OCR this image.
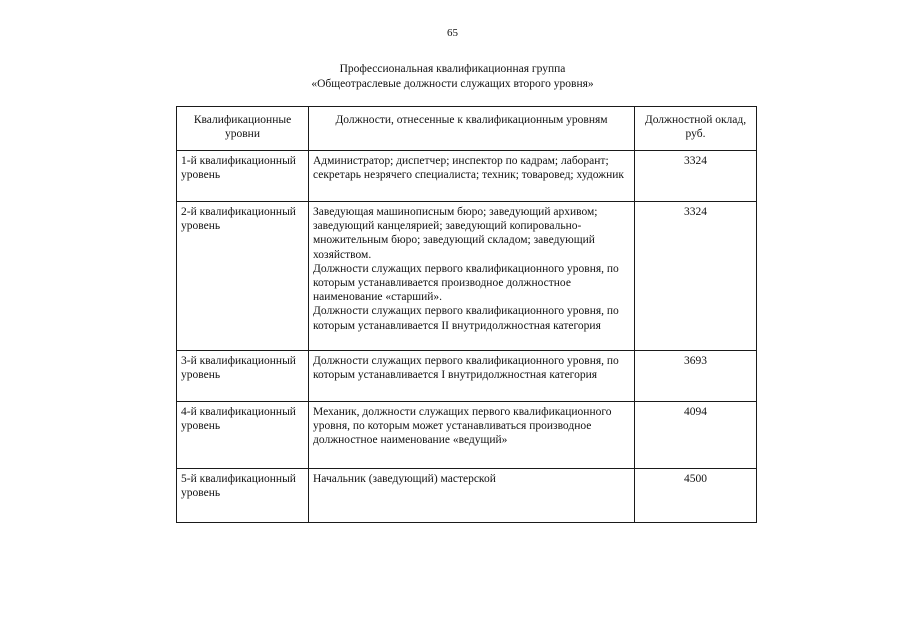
65
Профессиональная квалификационная группа
«Общеотраслевые должности служащих второго уровня»
Квалификационные уровни	Должности, отнесенные к квалификационным уровням	Должностной оклад, руб.
1-й квалификационный уровень	Администратор; диспетчер; инспектор по кадрам; лаборант; секретарь незрячего специалиста; техник; товаровед; художник	3324
2-й квалификационный уровень	Заведующая машинописным бюро; заведующий архивом; заведующий канцелярией; заведующий копировально-множительным бюро; заведующий складом; заведующий хозяйством.
Должности служащих первого квалификационного уровня, по которым устанавливается производное должностное наименование «старший».
Должности служащих первого квалификационного уровня, по которым устанавливается II внутридолжностная категория	3324
3-й квалификационный уровень	Должности служащих первого квалификационного уровня, по которым устанавливается I внутридолжностная категория	3693
4-й квалификационный уровень	Механик, должности служащих первого квалификационного уровня, по которым может устанавливаться производное должностное наименование «ведущий»	4094
5-й квалификационный уровень	Начальник (заведующий) мастерской	4500
